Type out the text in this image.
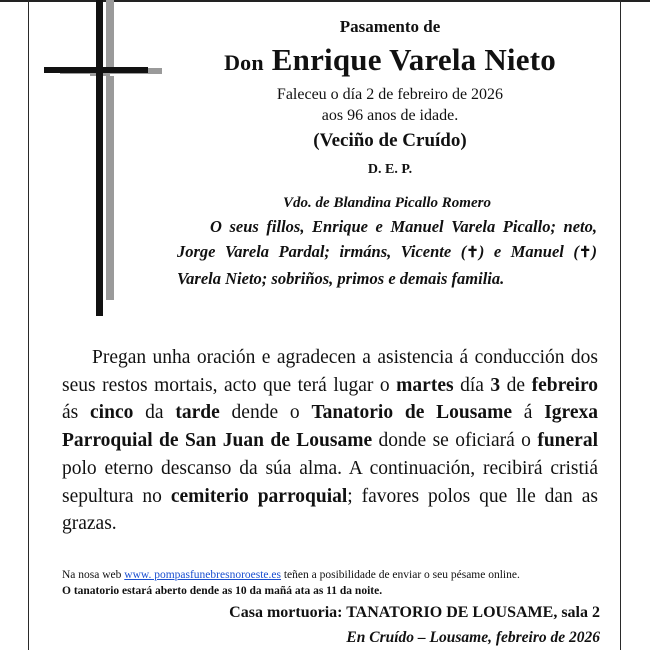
Pasamento de

Don Enrique Varela Nieto

Faleceu o día 2 de febreiro de 2026

aos 96 anos de idade.

(Veciño de Cruído)

D. E. P.

Vdo. de Blandina Picallo Romero
O seus fillos, Enrique e Manuel Varela Picallo; neto, Jorge Varela Pardal; irmáns, Vicente (✝) e Manuel (✝) Varela Nieto; sobriños, primos e demais familia.

Pregan unha oración e agradecen a asistencia á conducción dos seus restos mortais, acto que terá lugar o martes día 3 de febreiro ás cinco da tarde dende o Tanatorio de Lousame á Igrexa Parroquial de San Juan de Lousame donde se oficiará o funeral polo eterno descanso da súa alma. A continuación, recibirá cristiá sepultura no cemiterio parroquial; favores polos que lle dan as grazas.

Na nosa web www. pompasfunebresnoroeste.es teñen a posibilidade de enviar o seu pésame online.
O tanatorio estará aberto dende as 10 da mañá ata as 11 da noite.
Casa mortuoria: TANATORIO DE LOUSAME, sala 2
En Cruído – Lousame, febreiro de 2026
